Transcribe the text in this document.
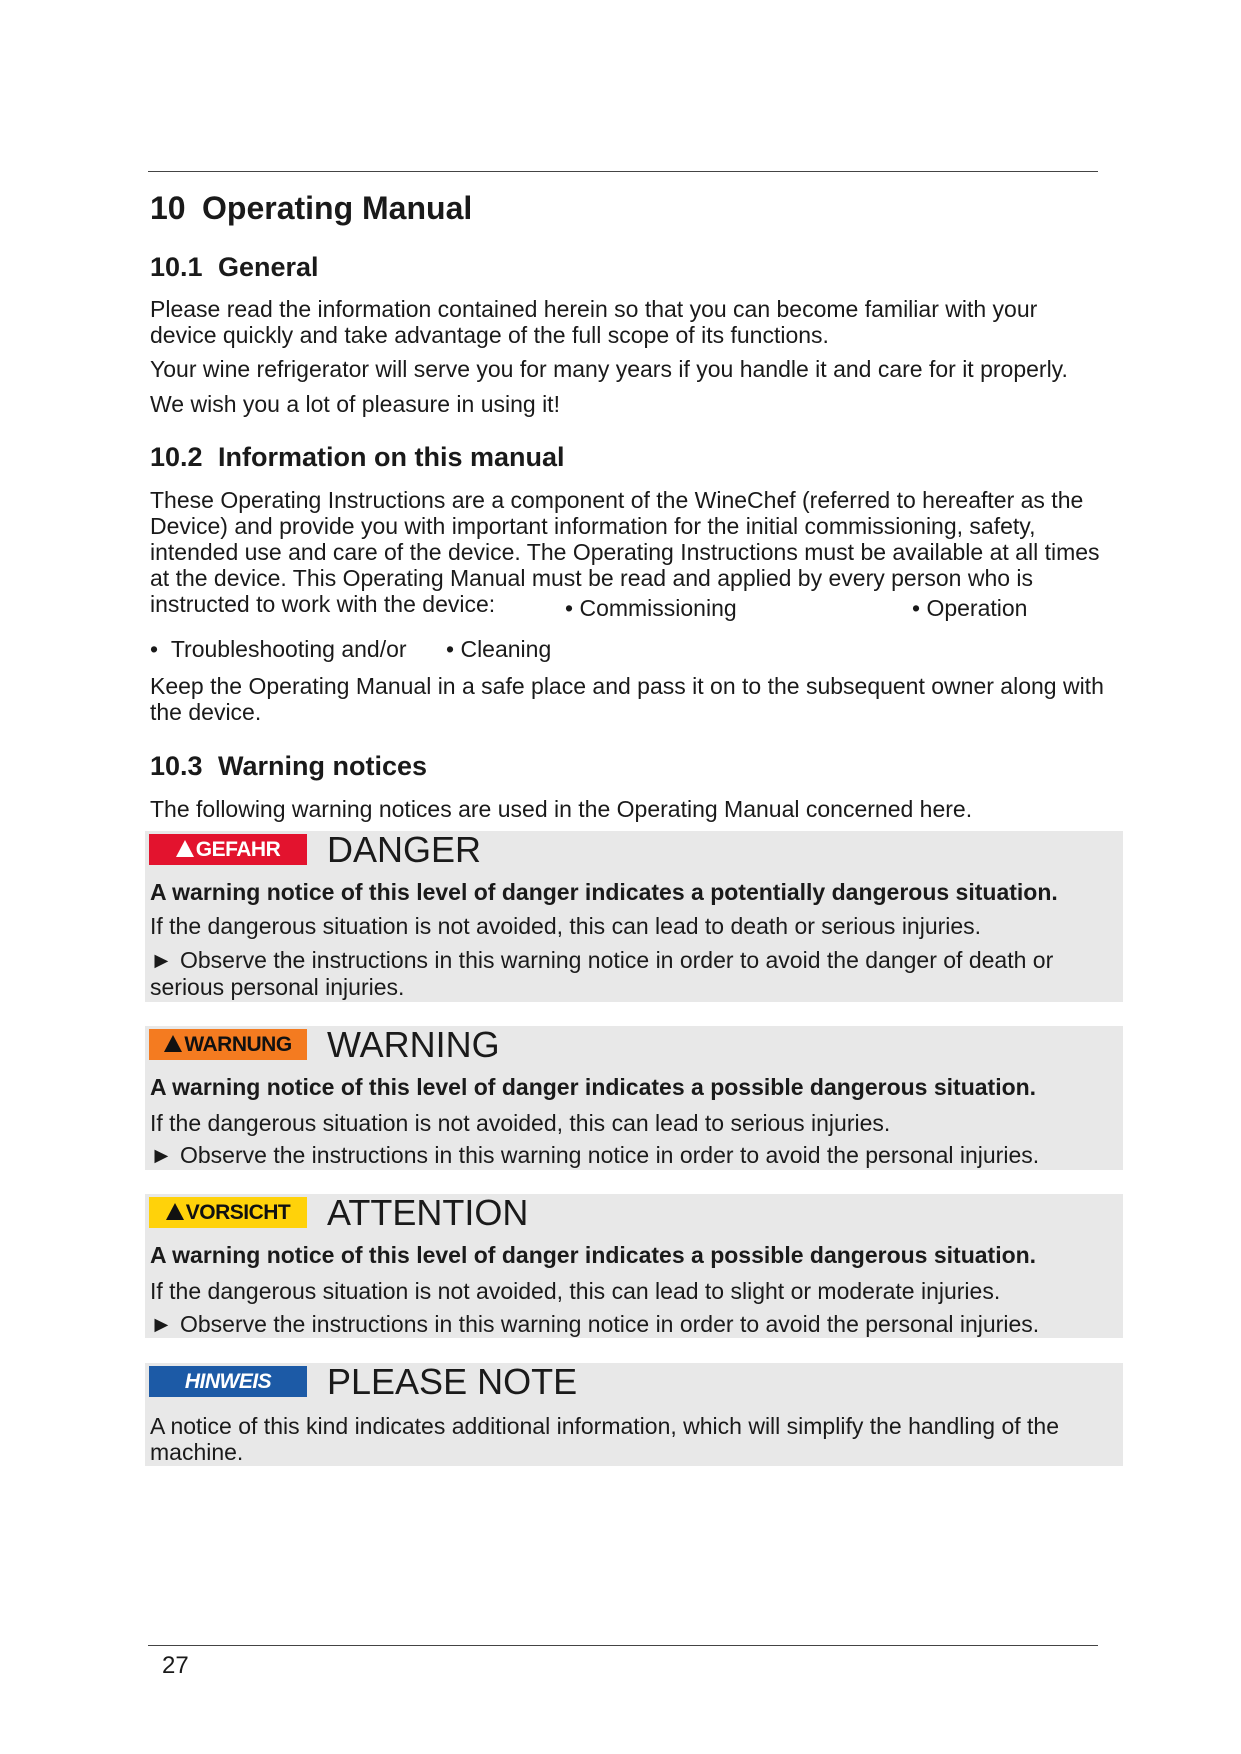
10 Operating Manual
10.1 General

Please read the information contained herein so that you can become familiar with your device quickly and take advantage of the full scope of its functions.

Your wine refrigerator will serve you for many years if you handle it and care for it properly.

We wish you a lot of pleasure in using it!

10.2 Information on this manual

These Operating Instructions are a component of the WineChef (referred to hereafter as the Device) and provide you with important information for the initial commissioning, safety, intended use and care of the device. The Operating Instructions must be available at all times at the device. This Operating Manual must be read and applied by every person who is instructed to work with the device:	• Commissioning	• Operation
• Troubleshooting and/or • Cleaning

Keep the Operating Manual in a safe place and pass it on to the subsequent owner along with the device.

10.3 Warning notices

The following warning notices are used in the Operating Manual concerned here.

GEFAHR DANGER
A warning notice of this level of danger indicates a potentially dangerous situation.
If the dangerous situation is not avoided, this can lead to death or serious injuries.
► Observe the instructions in this warning notice in order to avoid the danger of death or serious personal injuries.
WARNUNG WARNING
A warning notice of this level of danger indicates a possible dangerous situation.
If the dangerous situation is not avoided, this can lead to serious injuries.
► Observe the instructions in this warning notice in order to avoid the personal injuries.
VORSICHT ATTENTION
A warning notice of this level of danger indicates a possible dangerous situation.
If the dangerous situation is not avoided, this can lead to slight or moderate injuries.
► Observe the instructions in this warning notice in order to avoid the personal injuries.
HINWEIS PLEASE NOTE
A notice of this kind indicates additional information, which will simplify the handling of the machine.
27
